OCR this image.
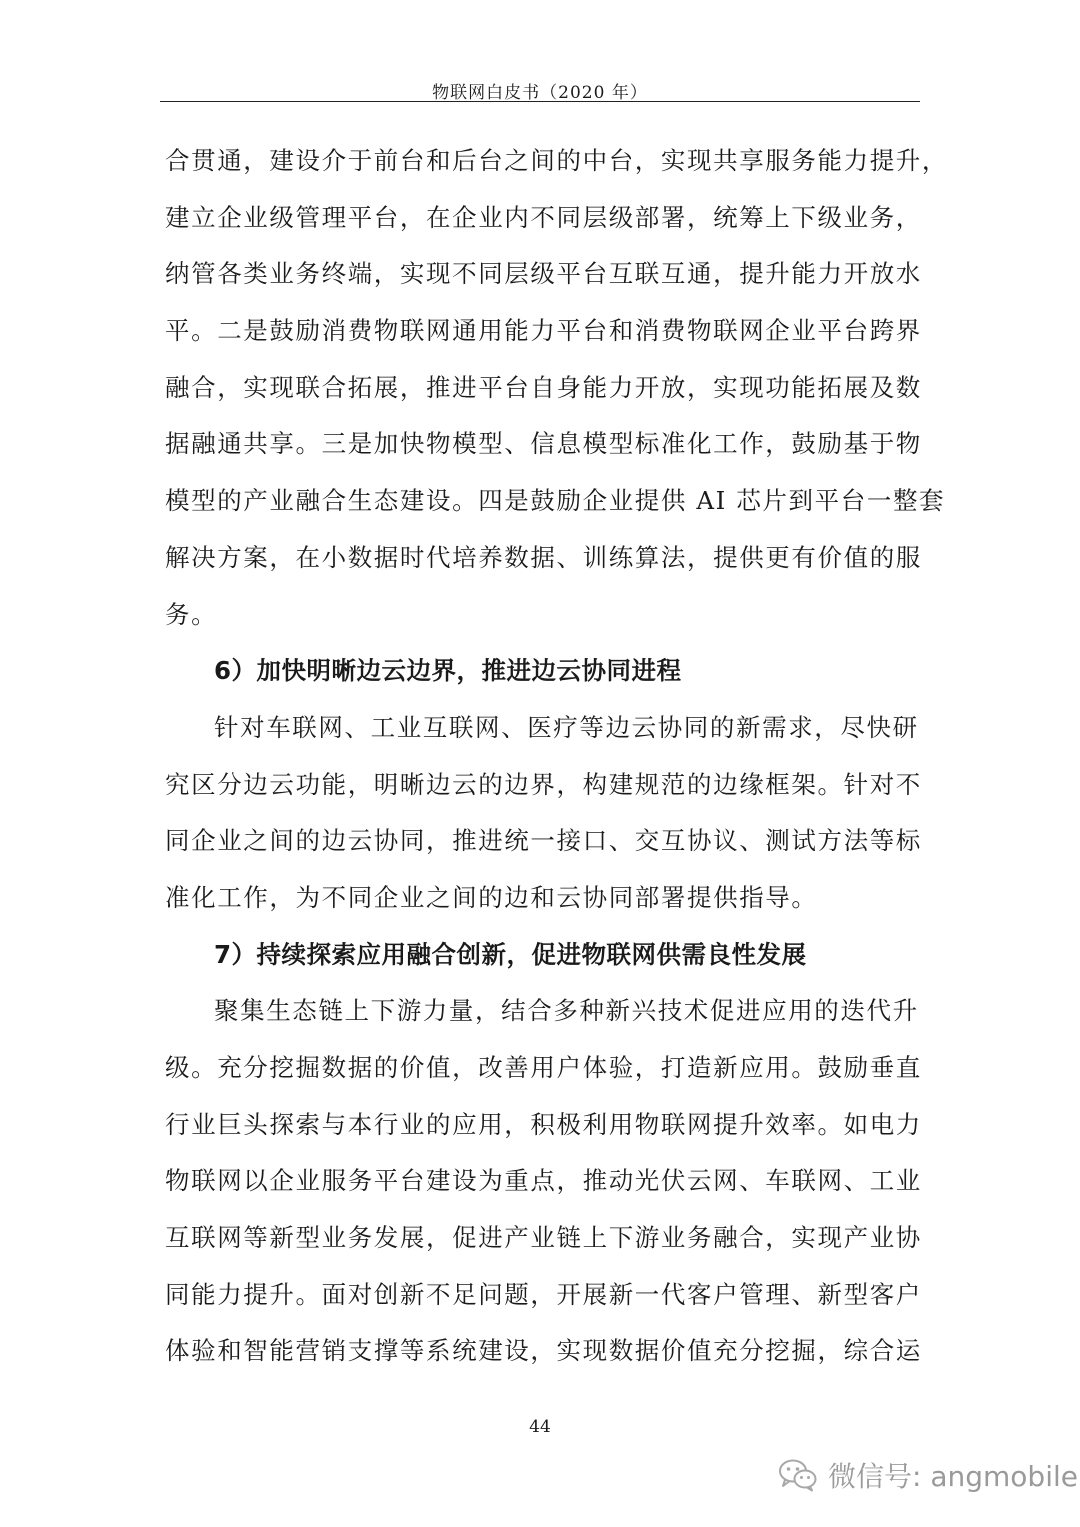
物联网白皮书（2020 年）
合贯通，建设介于前台和后台之间的中台，实现共享服务能力提升，
建立企业级管理平台，在企业内不同层级部署，统筹上下级业务，
纳管各类业务终端，实现不同层级平台互联互通，提升能力开放水
平。二是鼓励消费物联网通用能力平台和消费物联网企业平台跨界
融合，实现联合拓展，推进平台自身能力开放，实现功能拓展及数
据融通共享。三是加快物模型、信息模型标准化工作，鼓励基于物
模型的产业融合生态建设。四是鼓励企业提供 AI 芯片到平台一整套
解决方案，在小数据时代培养数据、训练算法，提供更有价值的服
务。
6）加快明晰边云边界，推进边云协同进程
针对车联网、工业互联网、医疗等边云协同的新需求，尽快研
究区分边云功能，明晰边云的边界，构建规范的边缘框架。针对不
同企业之间的边云协同，推进统一接口、交互协议、测试方法等标
准化工作，为不同企业之间的边和云协同部署提供指导。
7）持续探索应用融合创新，促进物联网供需良性发展
聚集生态链上下游力量，结合多种新兴技术促进应用的迭代升
级。充分挖掘数据的价值，改善用户体验，打造新应用。鼓励垂直
行业巨头探索与本行业的应用，积极利用物联网提升效率。如电力
物联网以企业服务平台建设为重点，推动光伏云网、车联网、工业
互联网等新型业务发展，促进产业链上下游业务融合，实现产业协
同能力提升。面对创新不足问题，开展新一代客户管理、新型客户
体验和智能营销支撑等系统建设，实现数据价值充分挖掘，综合运
44
微信号: angmobile
